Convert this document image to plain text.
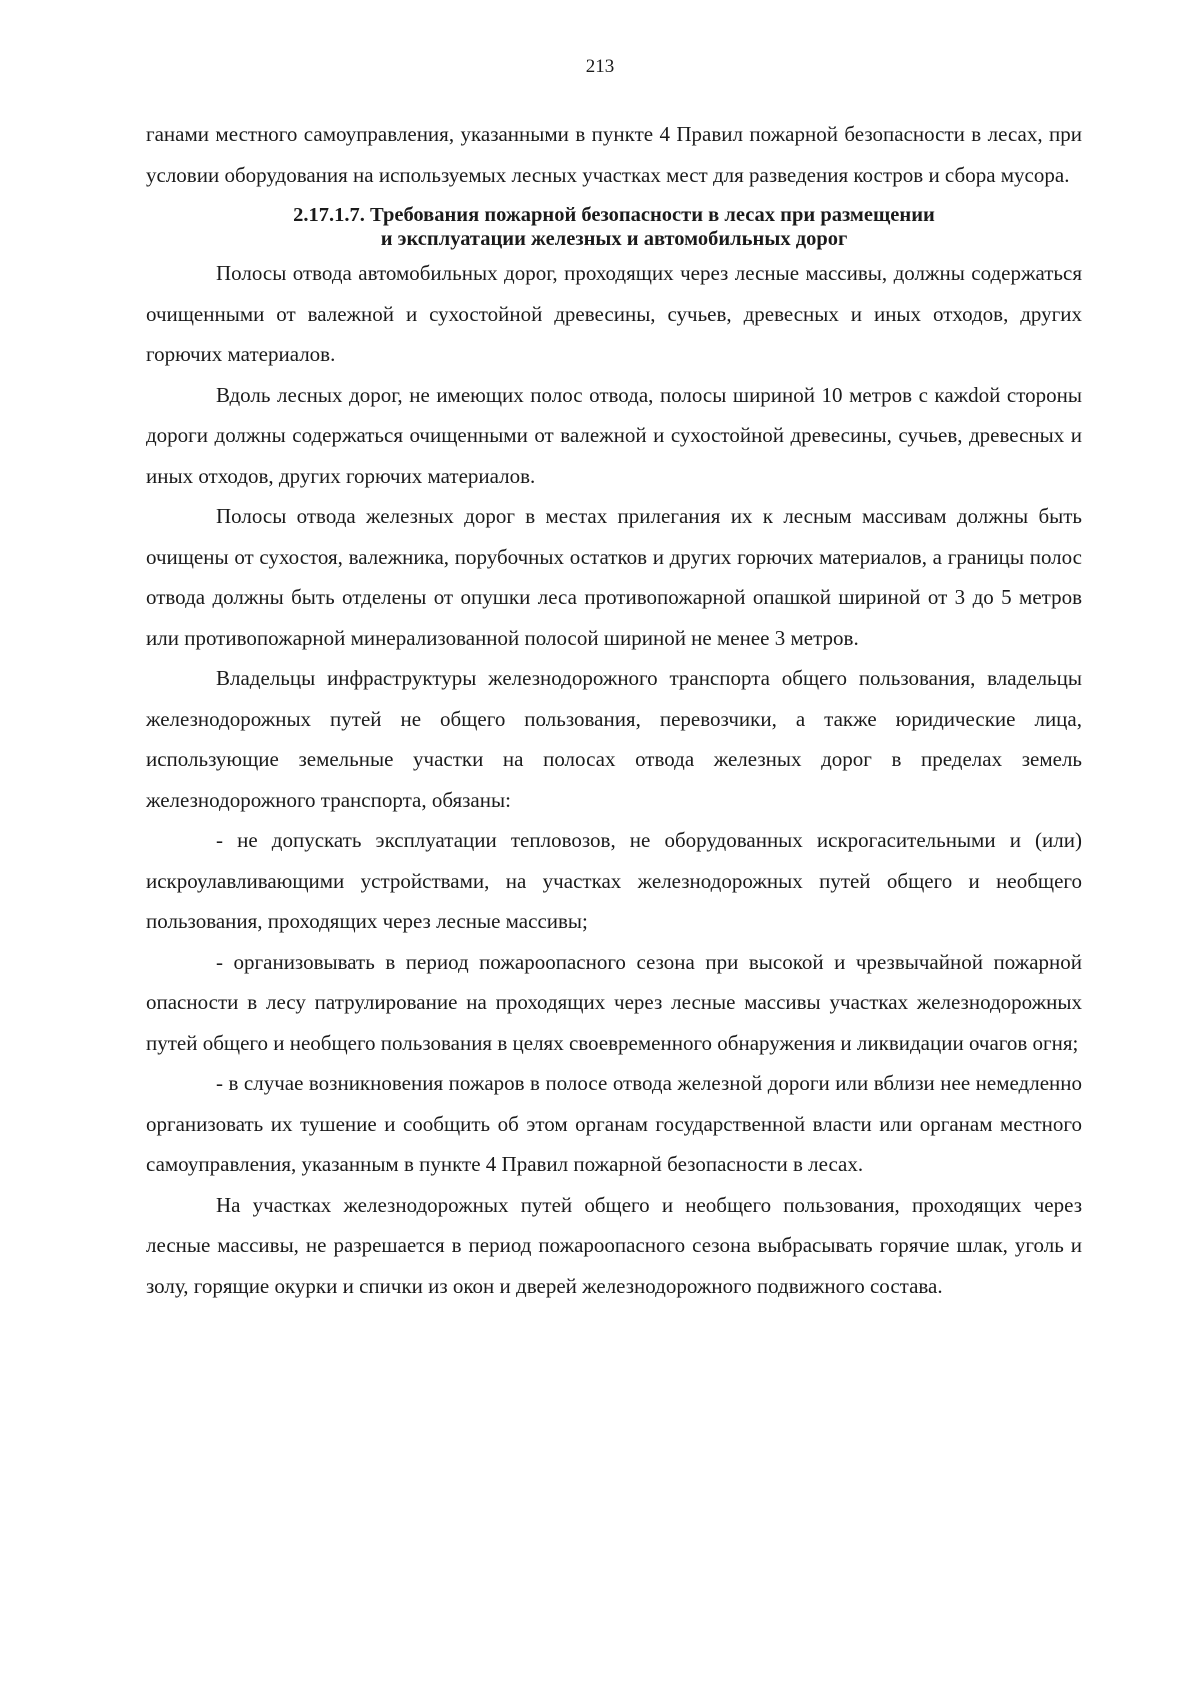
213

ганами местного самоуправления, указанными в пункте 4 Правил пожарной безопасности в лесах, при условии оборудования на используемых лесных участках мест для разведения костров и сбора мусора.

2.17.1.7. Требования пожарной безопасности в лесах при размещении
и эксплуатации железных и автомобильных дорог

Полосы отвода автомобильных дорог, проходящих через лесные массивы, должны содержаться очищенными от валежной и сухостойной древесины, сучьев, древесных и иных отходов, других горючих материалов.

Вдоль лесных дорог, не имеющих полос отвода, полосы шириной 10 метров с кажdой стороны дороги должны содержаться очищенными от валежной и сухостойной древесины, сучьев, древесных и иных отходов, других горючих материалов.

Полосы отвода железных дорог в местах прилегания их к лесным массивам должны быть очищены от сухостоя, валежника, порубочных остатков и других горючих материалов, а границы полос отвода должны быть отделены от опушки леса противопожарной опашкой шириной от 3 до 5 метров или противопожарной минерализованной полосой шириной не менее 3 метров.

Владельцы инфраструктуры железнодорожного транспорта общего пользования, владельцы железнодорожных путей не общего пользования, перевозчики, а также юридические лица, использующие земельные участки на полосах отвода железных дорог в пределах земель железнодорожного транспорта, обязаны:

- не допускать эксплуатации тепловозов, не оборудованных искрогасительными и (или) искроулавливающими устройствами, на участках железнодорожных путей общего и необщего пользования, проходящих через лесные массивы;

- организовывать в период пожароопасного сезона при высокой и чрезвычайной пожарной опасности в лесу патрулирование на проходящих через лесные массивы участках железнодорожных путей общего и необщего пользования в целях своевременного обнаружения и ликвидации очагов огня;

- в случае возникновения пожаров в полосе отвода железной дороги или вблизи нее немедленно организовать их тушение и сообщить об этом органам государственной власти или органам местного самоуправления, указанным в пункте 4 Правил пожарной безопасности в лесах.

На участках железнодорожных путей общего и необщего пользования, проходящих через лесные массивы, не разрешается в период пожароопасного сезона выбрасывать горячие шлак, уголь и золу, горящие окурки и спички из окон и дверей железнодорожного подвижного состава.
